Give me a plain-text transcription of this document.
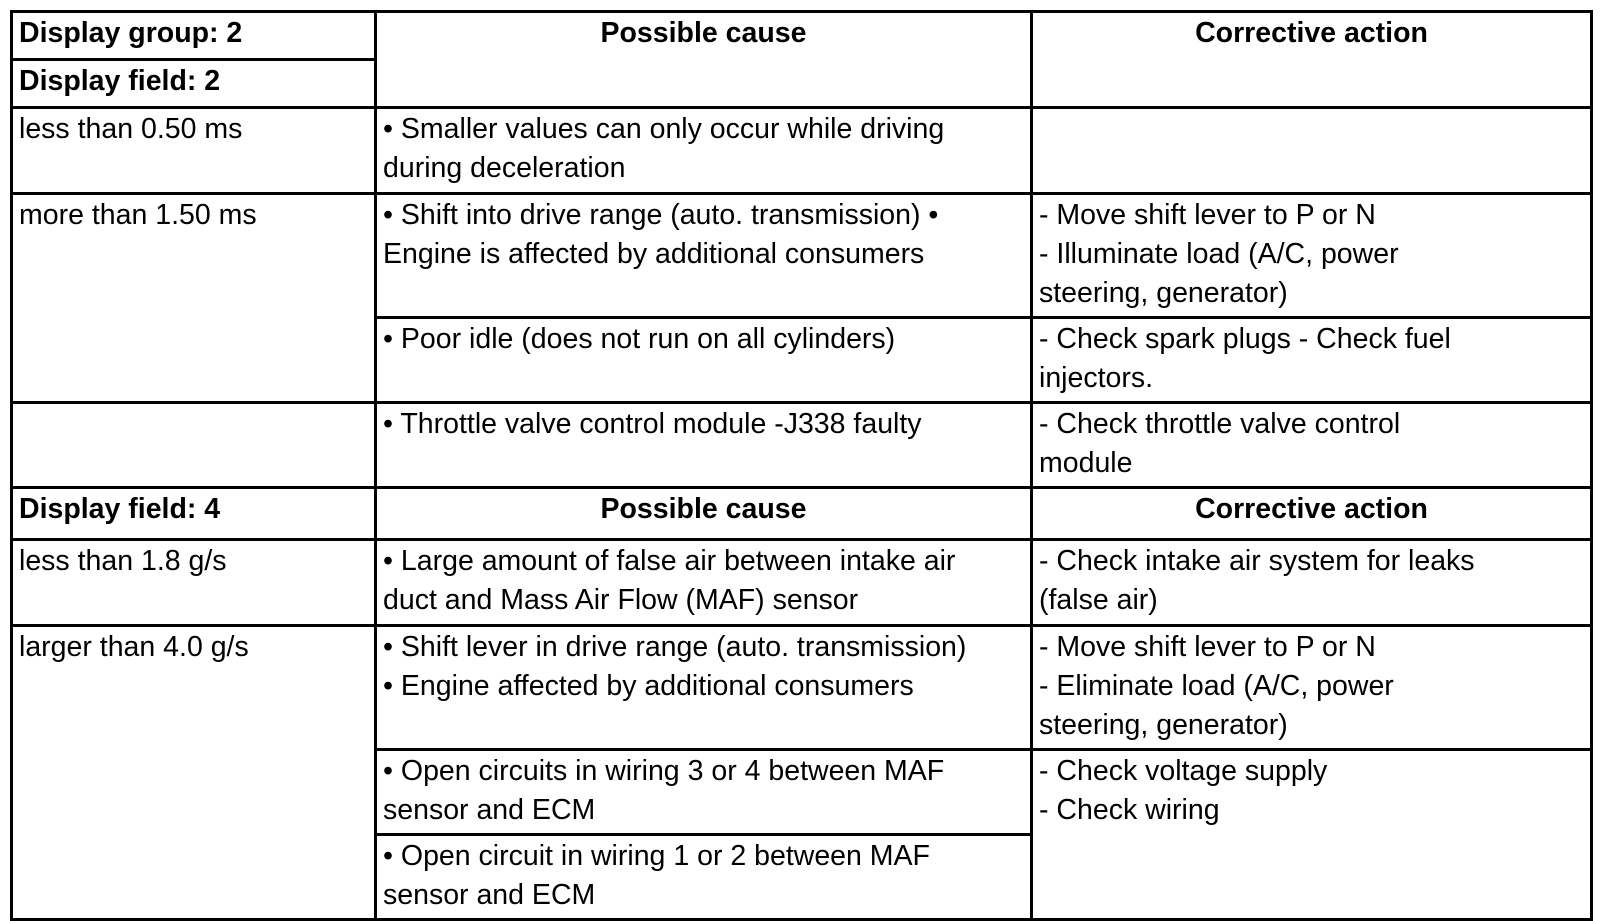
Display group: 2	Possible cause	Corrective action
Display field: 2		
less than 0.50 ms	• Smaller values can only occur while driving
during deceleration	

more than 1.50 ms	• Shift into drive range (auto. transmission) •
Engine is affected by additional consumers	- Move shift lever to P or N
- Illuminate load (A/C, power
steering, generator)

	• Poor idle (does not run on all cylinders)	- Check spark plugs - Check fuel
injectors.

	• Throttle valve control module -J338 faulty	- Check throttle valve control
module

Display field: 4	Possible cause	Corrective action
less than 1.8 g/s	• Large amount of false air between intake air
duct and Mass Air Flow (MAF) sensor	- Check intake air system for leaks
(false air)

larger than 4.0 g/s	• Shift lever in drive range (auto. transmission)
• Engine affected by additional consumers	- Move shift lever to P or N
- Eliminate load (A/C, power
steering, generator)

	• Open circuits in wiring 3 or 4 between MAF
sensor and ECM	- Check voltage supply
- Check wiring

	• Open circuit in wiring 1 or 2 between MAF
sensor and ECM	
